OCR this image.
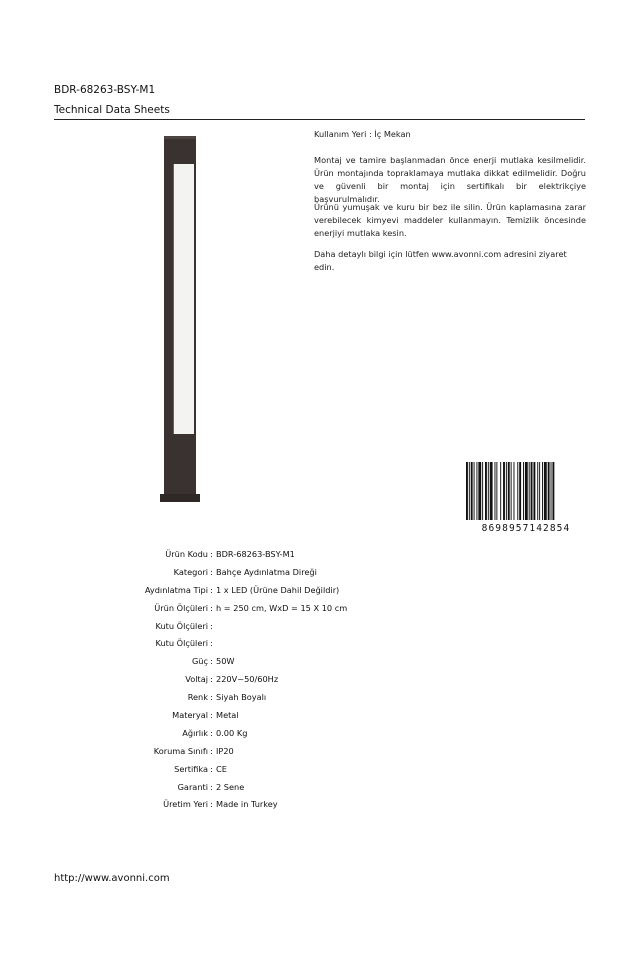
BDR-68263-BSY-M1
Technical Data Sheets
Kullanım Yeri : İç Mekan
Montaj ve tamire başlanmadan önce enerji mutlaka kesilmelidir. Ürün montajında topraklamaya mutlaka dikkat edilmelidir. Doğru ve güvenli bir montaj için sertifikalı bir elektrikçiye başvurulmalıdır.
Ürünü yumuşak ve kuru bir bez ile silin. Ürün kaplamasına zarar verebilecek kimyevi maddeler kullanmayın. Temizlik öncesinde enerjiyi mutlaka kesin.
Daha detaylı bilgi için lütfen www.avonni.com adresini ziyaret edin.
8698957142854
Ürün Kodu : BDR-68263-BSY-M1
Kategori : Bahçe Aydınlatma Direği
Aydınlatma Tipi : 1 x LED (Ürüne Dahil Değildir)
Ürün Ölçüleri : h = 250 cm, WxD = 15 X 10 cm
Kutu Ölçüleri :
Kutu Ölçüleri :
Güç : 50W
Voltaj : 220V~50/60Hz
Renk : Siyah Boyalı
Materyal : Metal
Ağırlık : 0.00 Kg
Koruma Sınıfı : IP20
Sertifika : CE
Garanti : 2 Sene
Üretim Yeri : Made in Turkey
http://www.avonni.com
